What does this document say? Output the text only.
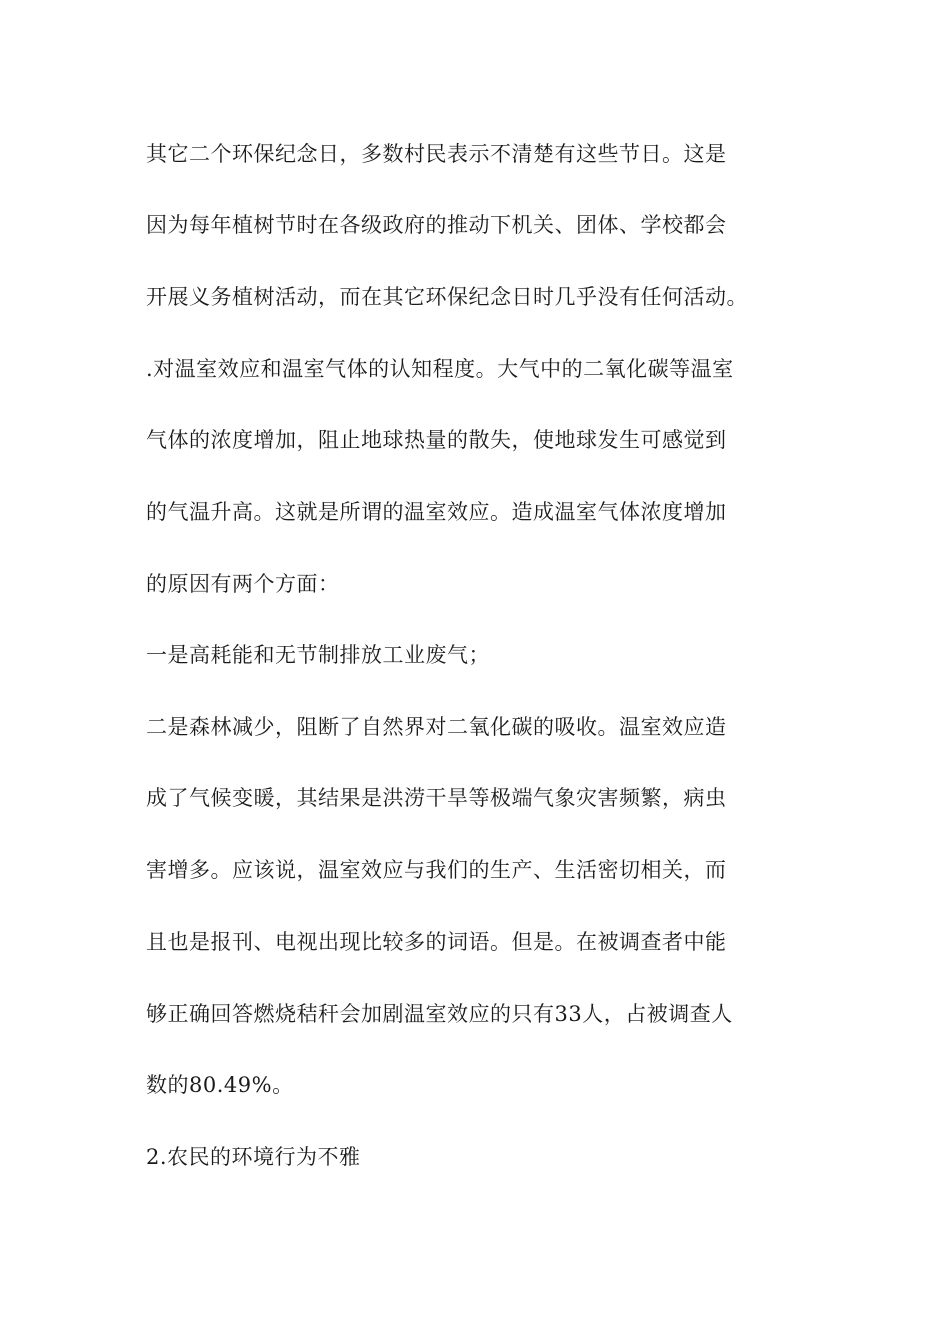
其它二个环保纪念日，多数村民表示不清楚有这些节日。这是
因为每年植树节时在各级政府的推动下机关、团体、学校都会
开展义务植树活动，而在其它环保纪念日时几乎没有任何活动。
.对温室效应和温室气体的认知程度。大气中的二氧化碳等温室
气体的浓度增加，阻止地球热量的散失，使地球发生可感觉到
的气温升高。这就是所谓的温室效应。造成温室气体浓度增加
的原因有两个方面：
一是高耗能和无节制排放工业废气；
二是森林减少，阻断了自然界对二氧化碳的吸收。温室效应造
成了气候变暖，其结果是洪涝干旱等极端气象灾害频繁，病虫
害增多。应该说，温室效应与我们的生产、生活密切相关，而
且也是报刊、电视出现比较多的词语。但是。在被调查者中能
够正确回答燃烧秸秆会加剧温室效应的只有33人，占被调查人
数的80.49%。
2.农民的环境行为不雅
